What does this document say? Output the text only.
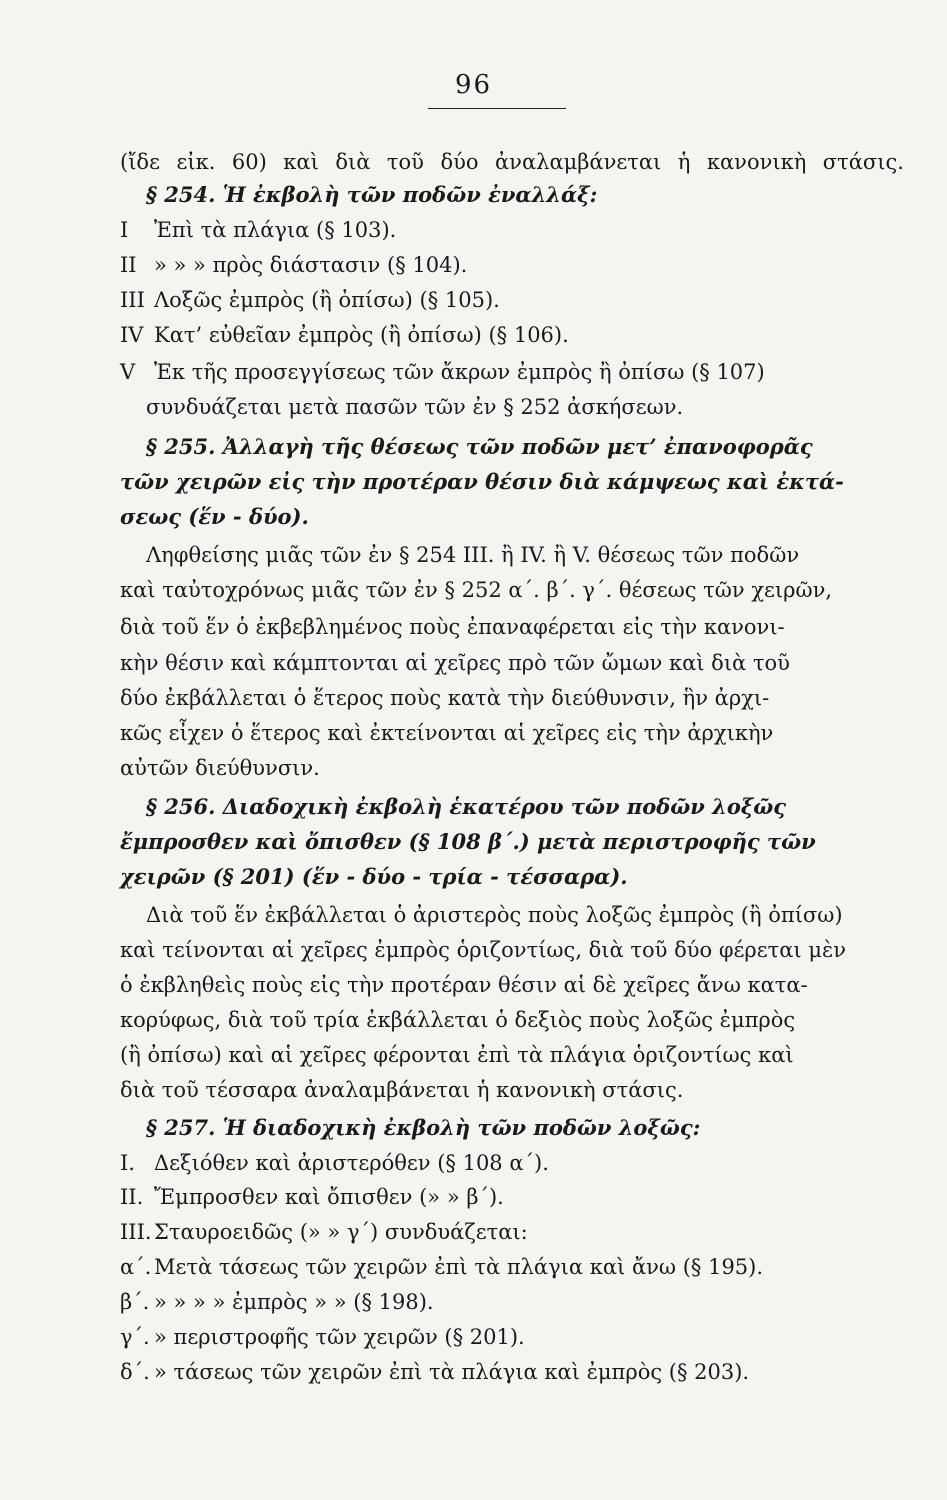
96
(ἴδε εἰκ. 60) καὶ διὰ τοῦ δύο ἀναλαμβάνεται ἡ κανονικὴ στάσις.
§ 254. Ἡ ἐκβολὴ τῶν ποδῶν ἐναλλάξ:
I Ἐπὶ τὰ πλάγια (§ 103).
II » » » πρὸς διάστασιν (§ 104).
III Λοξῶς ἐμπρὸς (ἢ ὀπίσω) (§ 105).
IV Κατ’ εὐθεῖαν ἐμπρὸς (ἢ ὀπίσω) (§ 106).
V Ἐκ τῆς προσεγγίσεως τῶν ἄκρων ἐμπρὸς ἢ ὀπίσω (§ 107)
συνδυάζεται μετὰ πασῶν τῶν ἐν § 252 ἀσκήσεων.
§ 255. Ἀλλαγὴ τῆς θέσεως τῶν ποδῶν μετ’ ἐπανοφορᾶς
τῶν χειρῶν εἰς τὴν προτέραν θέσιν διὰ κάμψεως καὶ ἐκτά-
σεως (ἕν - δύο).
Ληφθείσης μιᾶς τῶν ἐν § 254 III. ἢ IV. ἢ V. θέσεως τῶν ποδῶν
καὶ ταὐτοχρόνως μιᾶς τῶν ἐν § 252 α΄. β΄. γ΄. θέσεως τῶν χειρῶν,
διὰ τοῦ ἕν ὁ ἐκβεβλημένος ποὺς ἐπαναφέρεται εἰς τὴν κανονι-
κὴν θέσιν καὶ κάμπτονται αἱ χεῖρες πρὸ τῶν ὤμων καὶ διὰ τοῦ
δύο ἐκβάλλεται ὁ ἕτερος ποὺς κατὰ τὴν διεύθυνσιν, ἣν ἀρχι-
κῶς εἶχεν ὁ ἕτερος καὶ ἐκτείνονται αἱ χεῖρες εἰς τὴν ἀρχικὴν
αὐτῶν διεύθυνσιν.
§ 256. Διαδοχικὴ ἐκβολὴ ἑκατέρου τῶν ποδῶν λοξῶς
ἔμπροσθεν καὶ ὄπισθεν (§ 108 β΄.) μετὰ περιστροφῆς τῶν
χειρῶν (§ 201) (ἕν - δύο - τρία - τέσσαρα).
Διὰ τοῦ ἕν ἐκβάλλεται ὁ ἀριστερὸς ποὺς λοξῶς ἐμπρὸς (ἢ ὀπίσω)
καὶ τείνονται αἱ χεῖρες ἐμπρὸς ὁριζοντίως, διὰ τοῦ δύο φέρεται μὲν
ὁ ἐκβληθεὶς ποὺς εἰς τὴν προτέραν θέσιν αἱ δὲ χεῖρες ἄνω κατα-
κορύφως, διὰ τοῦ τρία ἐκβάλλεται ὁ δεξιὸς ποὺς λοξῶς ἐμπρὸς
(ἢ ὀπίσω) καὶ αἱ χεῖρες φέρονται ἐπὶ τὰ πλάγια ὁριζοντίως καὶ
διὰ τοῦ τέσσαρα ἀναλαμβάνεται ἡ κανονικὴ στάσις.
§ 257. Ἡ διαδοχικὴ ἐκβολὴ τῶν ποδῶν λοξῶς:
I. Δεξιόθεν καὶ ἀριστερόθεν (§ 108 α΄).
II. Ἔμπροσθεν καὶ ὄπισθεν (» » β΄).
III. Σταυροειδῶς (» » γ΄) συνδυάζεται:
α΄. Μετὰ τάσεως τῶν χειρῶν ἐπὶ τὰ πλάγια καὶ ἄνω (§ 195).
β΄. » » » » ἐμπρὸς » » (§ 198).
γ΄. » περιστροφῆς τῶν χειρῶν (§ 201).
δ΄. » τάσεως τῶν χειρῶν ἐπὶ τὰ πλάγια καὶ ἐμπρὸς (§ 203).
